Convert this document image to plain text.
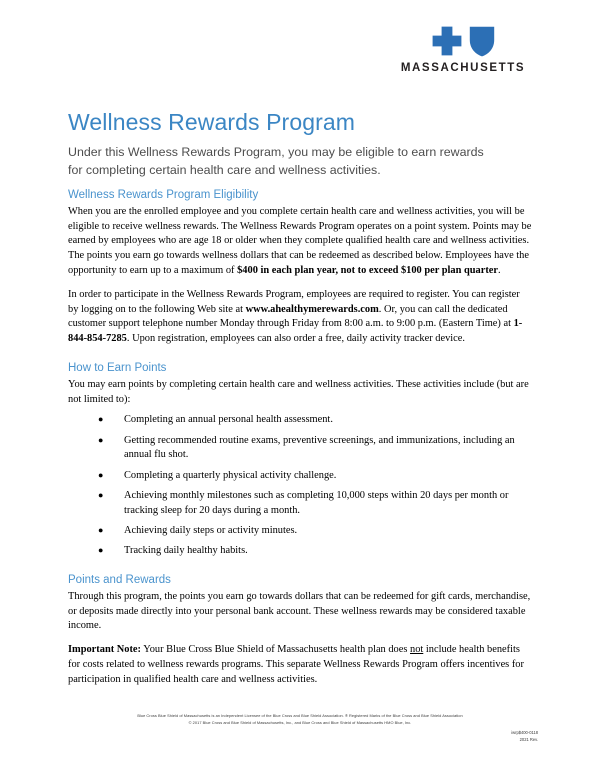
MASSACHUSETTS
Wellness Rewards Program

Under this Wellness Rewards Program, you may be eligible to earn rewards for completing certain health care and wellness activities.

Wellness Rewards Program Eligibility

When you are the enrolled employee and you complete certain health care and wellness activities, you will be eligible to receive wellness rewards. The Wellness Rewards Program operates on a point system. Points may be earned by employees who are age 18 or older when they complete qualified health care and wellness activities. The points you earn go towards wellness dollars that can be redeemed as described below. Employees have the opportunity to earn up to a maximum of $400 in each plan year, not to exceed $100 per plan quarter.

In order to participate in the Wellness Rewards Program, employees are required to register. You can register by logging on to the following Web site at www.ahealthymerewards.com. Or, you can call the dedicated customer support telephone number Monday through Friday from 8:00 a.m. to 9:00 p.m. (Eastern Time) at 1-844-854-7285. Upon registration, employees can also order a free, daily activity tracker device.

How to Earn Points

You may earn points by completing certain health care and wellness activities. These activities include (but are not limited to):

● Completing an annual personal health assessment.
● Getting recommended routine exams, preventive screenings, and immunizations, including an annual flu shot.
● Completing a quarterly physical activity challenge.
● Achieving monthly milestones such as completing 10,000 steps within 20 days per month or tracking sleep for 20 days during a month.
● Achieving daily steps or activity minutes.
● Tracking daily healthy habits.
Points and Rewards

Through this program, the points you earn go towards dollars that can be redeemed for gift cards, merchandise, or deposits made directly into your personal bank account. These wellness rewards may be considered taxable income.

Important Note: Your Blue Cross Blue Shield of Massachusetts health plan does not include health benefits for costs related to wellness rewards programs. This separate Wellness Rewards Program offers incentives for participation in qualified health care and wellness activities.

Blue Cross Blue Shield of Massachusetts is an Independent Licensee of the Blue Cross and Blue Shield Association. ® Registered Marks of the Blue Cross and Blue Shield Association
© 2017 Blue Cross and Blue Shield of Massachusetts, Inc., and Blue Cross and Blue Shield of Massachusetts HMO Blue, Inc.
iwrp$400-0118
2021 Rev.
